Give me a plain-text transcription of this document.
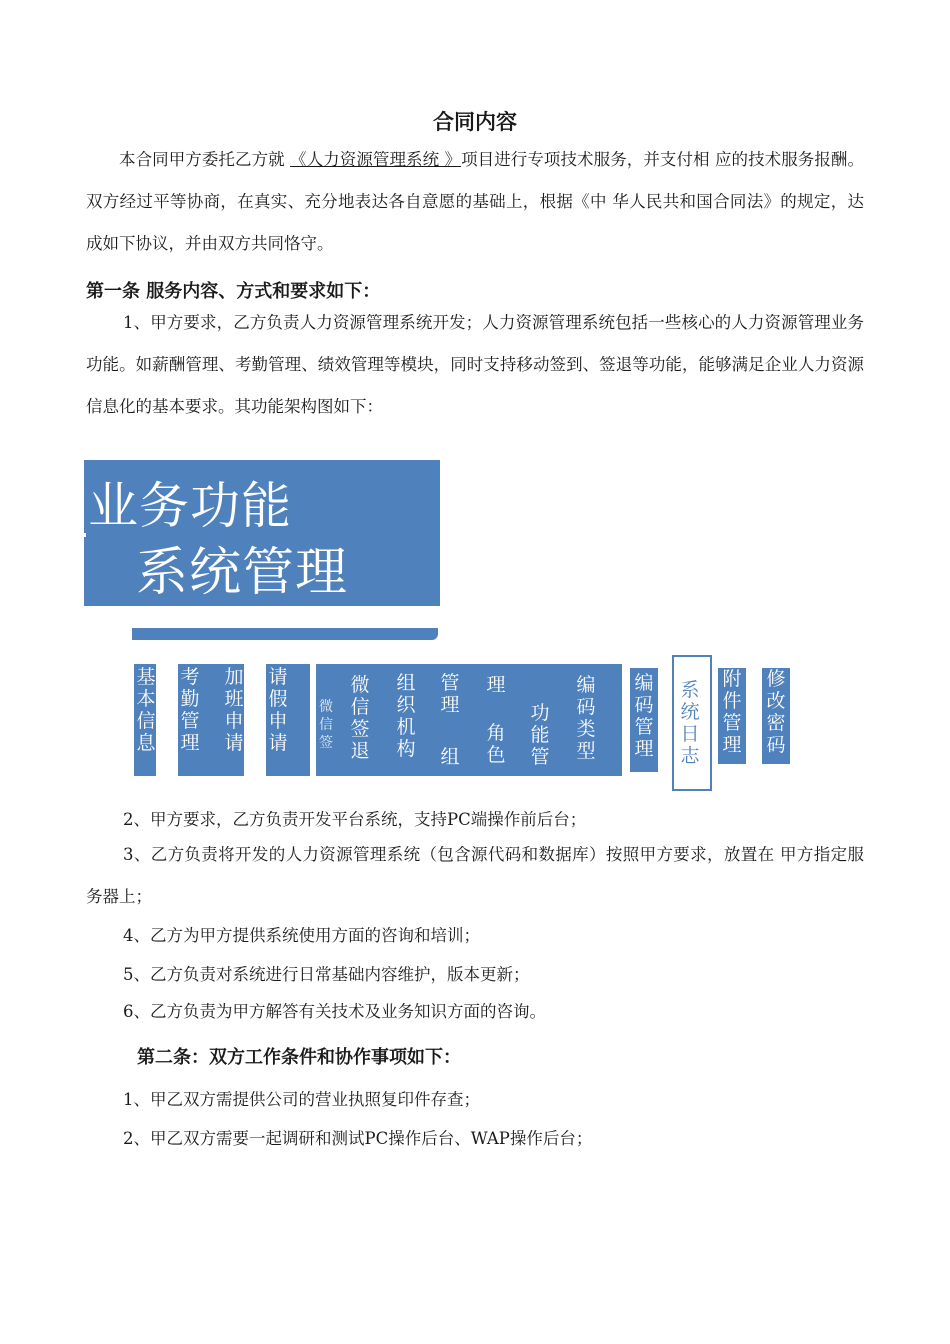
合同内容

本合同甲方委托乙方就 《人力资源管理系统 》项目进行专项技术服务，并支付相 应的技术服务报酬。双方经过平等协商，在真实、充分地表达各自意愿的基础上，根据《中 华人民共和国合同法》的规定，达成如下协议，并由双方共同恪守。

第一条 服务内容、方式和要求如下：

1、甲方要求，乙方负责人力资源管理系统开发；人力资源管理系统包括一些核心的人力资源管理业务功能。如薪酬管理、考勤管理、绩效管理等模块，同时支持移动签到、签退等功能，能够满足企业人力资源信息化的基本要求。其功能架构图如下：

业务功能
系统管理
基本信息
考勤管理
加班申请
请假申请
微信签
微信签退
组织机构
管理
组
理
角色
功能管
编码类型
编码管理
系统日志
附件管理
修改密码
2、甲方要求，乙方负责开发平台系统，支持PC端操作前后台；

3、乙方负责将开发的人力资源管理系统（包含源代码和数据库）按照甲方要求，放置在 甲方指定服务器上；

4、乙方为甲方提供系统使用方面的咨询和培训；
5、乙方负责对系统进行日常基础内容维护，版本更新；
6、乙方负责为甲方解答有关技术及业务知识方面的咨询。
第二条：双方工作条件和协作事项如下：
1、甲乙双方需提供公司的营业执照复印件存查；
2、甲乙双方需要一起调研和测试PC操作后台、WAP操作后台；
